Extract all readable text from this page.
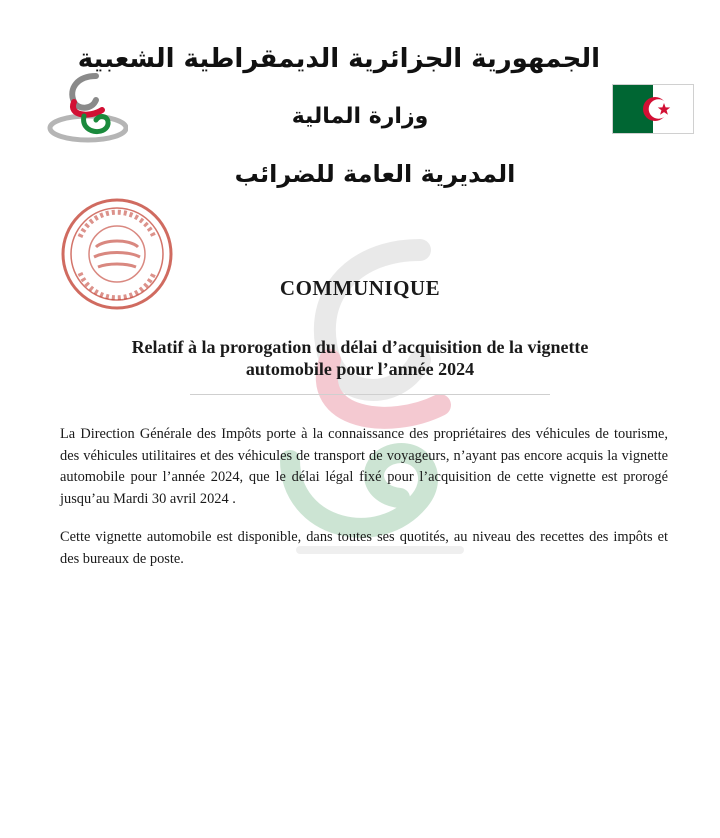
الجمهورية الجزائرية الديمقراطية الشعبية
وزارة المالية
المديرية العامة للضرائب
COMMUNIQUE
Relatif à la prorogation du délai d’acquisition de la vignette
automobile pour l’année 2024
La Direction Générale des Impôts porte à la connaissance des propriétaires des véhicules de tourisme, des véhicules utilitaires et des véhicules de transport de voyageurs, n’ayant pas encore acquis la vignette automobile pour l’année 2024, que le délai légal fixé pour l’acquisition de cette vignette est prorogé jusqu’au Mardi 30 avril 2024 .
Cette vignette automobile est disponible, dans toutes ses quotités, au niveau des recettes des impôts et des bureaux de poste.
